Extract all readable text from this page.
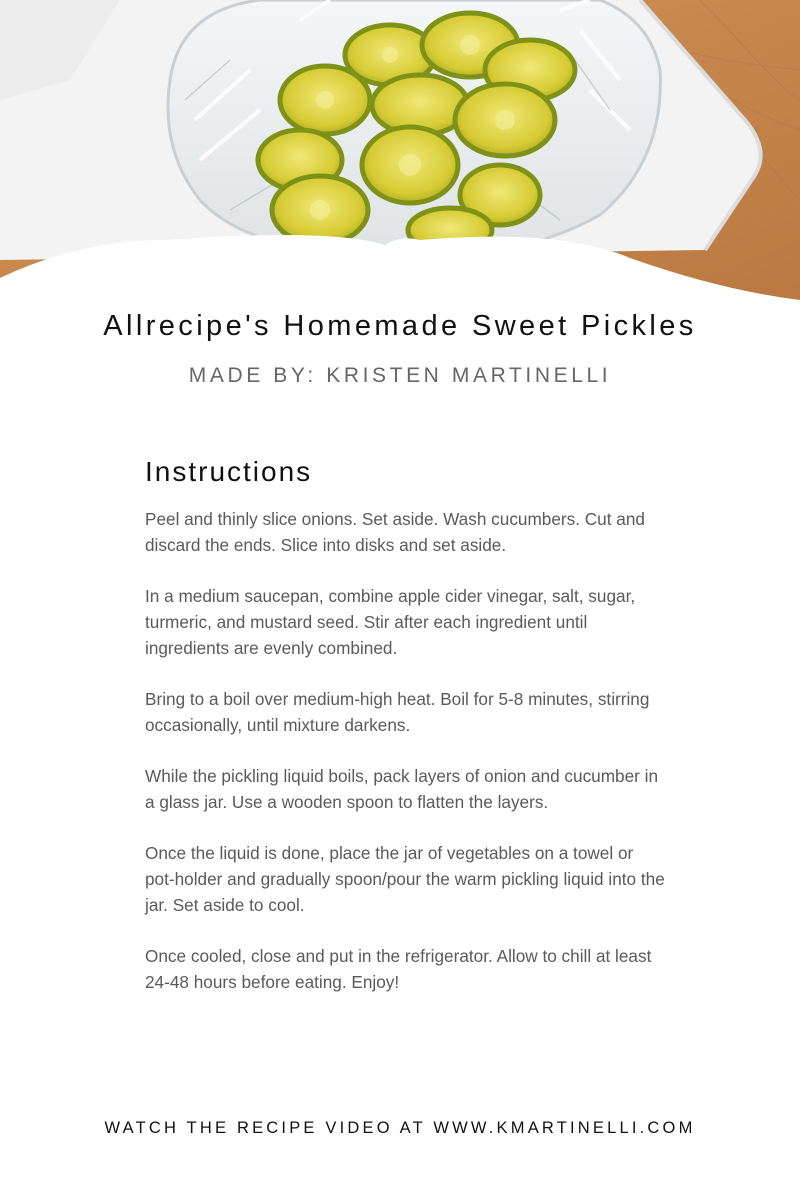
Allrecipe's Homemade Sweet Pickles

MADE BY: KRISTEN MARTINELLI

Instructions
Peel and thinly slice onions. Set aside. Wash cucumbers. Cut and discard the ends. Slice into disks and set aside.
In a medium saucepan, combine apple cider vinegar, salt, sugar, turmeric, and mustard seed. Stir after each ingredient until ingredients are evenly combined.
Bring to a boil over medium-high heat. Boil for 5-8 minutes, stirring occasionally, until mixture darkens.
While the pickling liquid boils, pack layers of onion and cucumber in a glass jar. Use a wooden spoon to flatten the layers.
Once the liquid is done, place the jar of vegetables on a towel or pot-holder and gradually spoon/pour the warm pickling liquid into the jar. Set aside to cool.
Once cooled, close and put in the refrigerator. Allow to chill at least 24-48 hours before eating. Enjoy!

WATCH THE RECIPE VIDEO AT WWW.KMARTINELLI.COM
